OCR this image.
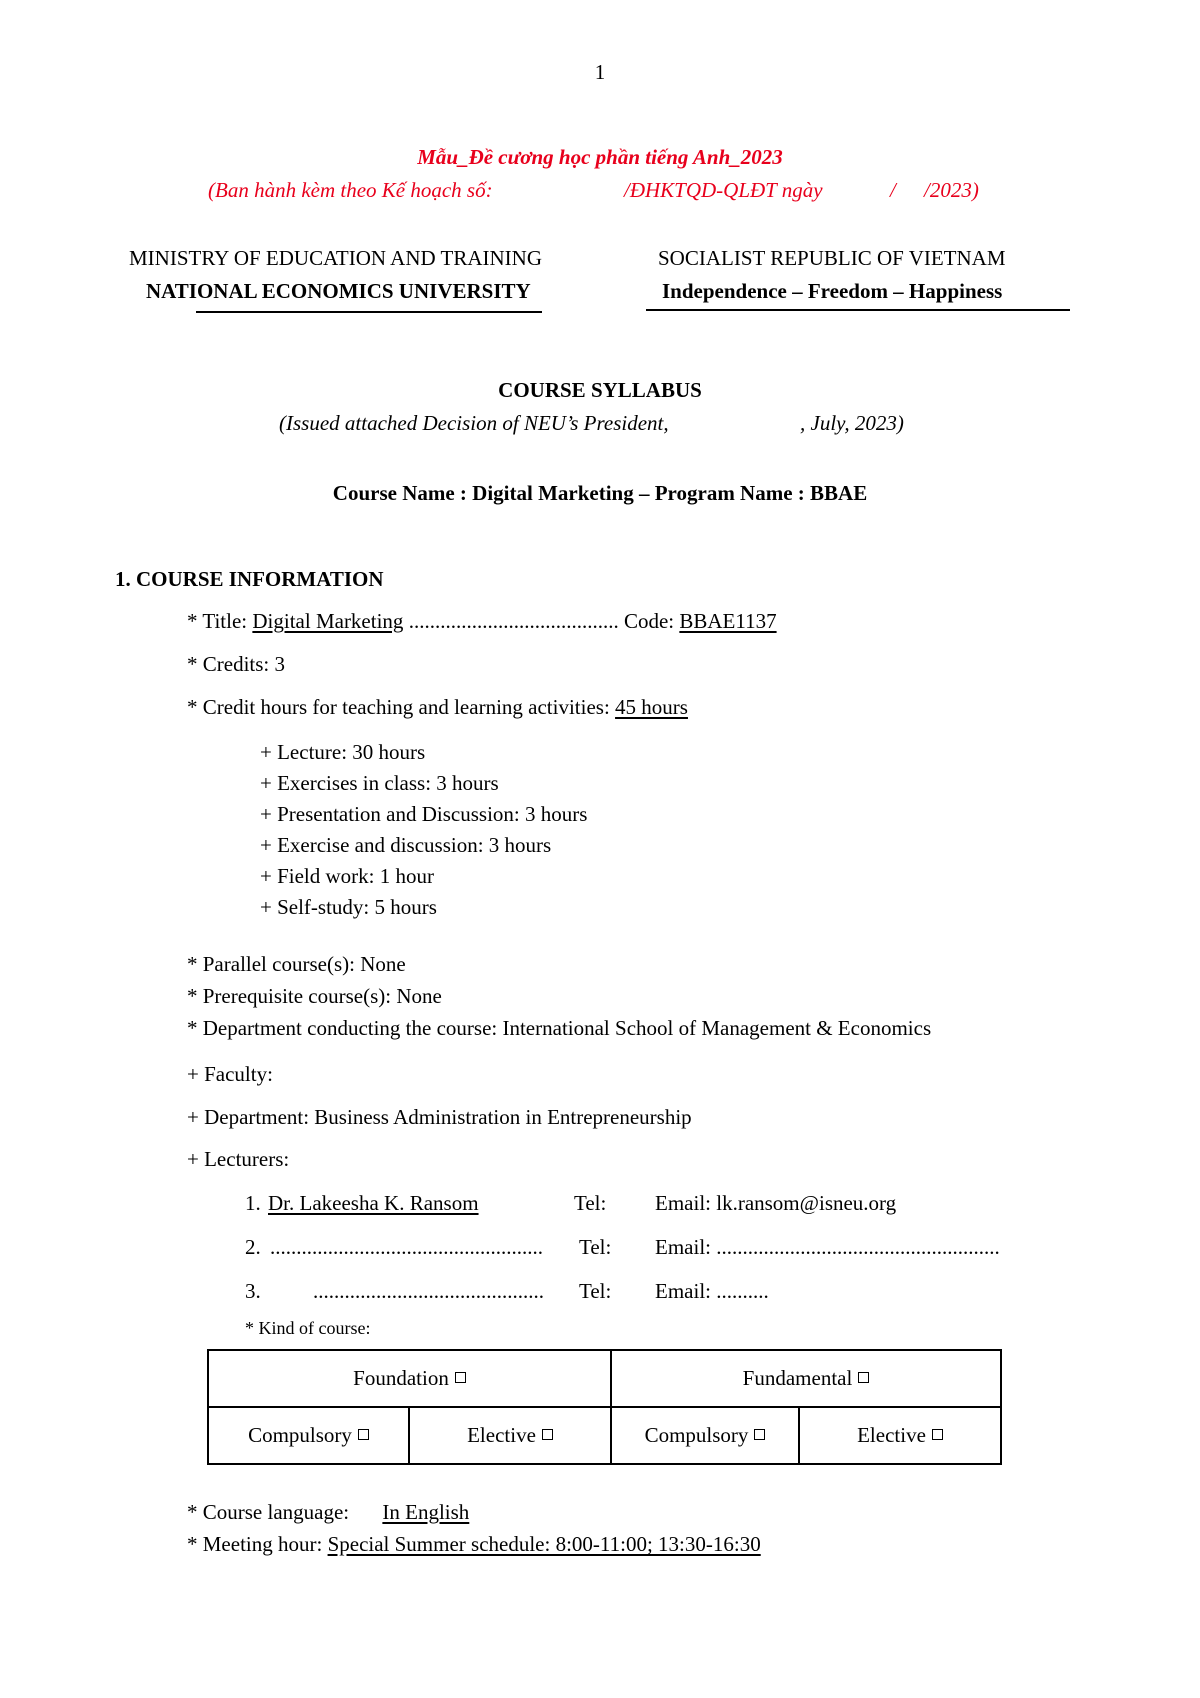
1
Mẫu_Đề cương học phần tiếng Anh_2023
(Ban hành kèm theo Kế hoạch số:	/ĐHKTQD-QLĐT ngày	/ /2023)
MINISTRY OF EDUCATION AND TRAINING
NATIONAL ECONOMICS UNIVERSITY
SOCIALIST REPUBLIC OF VIETNAM
Independence – Freedom – Happiness
COURSE SYLLABUS
(Issued attached Decision of NEU’s President,	, July, 2023)
Course Name : Digital Marketing – Program Name : BBAE
1. COURSE INFORMATION
* Title: Digital Marketing ........................................ Code: BBAE1137
* Credits: 3
* Credit hours for teaching and learning activities: 45 hours
+ Lecture: 30 hours
+ Exercises in class: 3 hours
+ Presentation and Discussion: 3 hours
+ Exercise and discussion: 3 hours
+ Field work: 1 hour
+ Self-study: 5 hours
* Parallel course(s): None
* Prerequisite course(s): None
* Department conducting the course: International School of Management & Economics
+ Faculty:
+ Department: Business Administration in Entrepreneurship
+ Lecturers:
1. Dr. Lakeesha K. Ransom	Tel: Email: lk.ransom@isneu.org
2. .................................................... Tel: Email: ......................................................
3. ............................................ Tel: Email: ..........
* Kind of course:
Foundation		Fundamental	
Compulsory	Elective	Compulsory	Elective
* Course language: In English
* Meeting hour: Special Summer schedule: 8:00-11:00; 13:30-16:30
